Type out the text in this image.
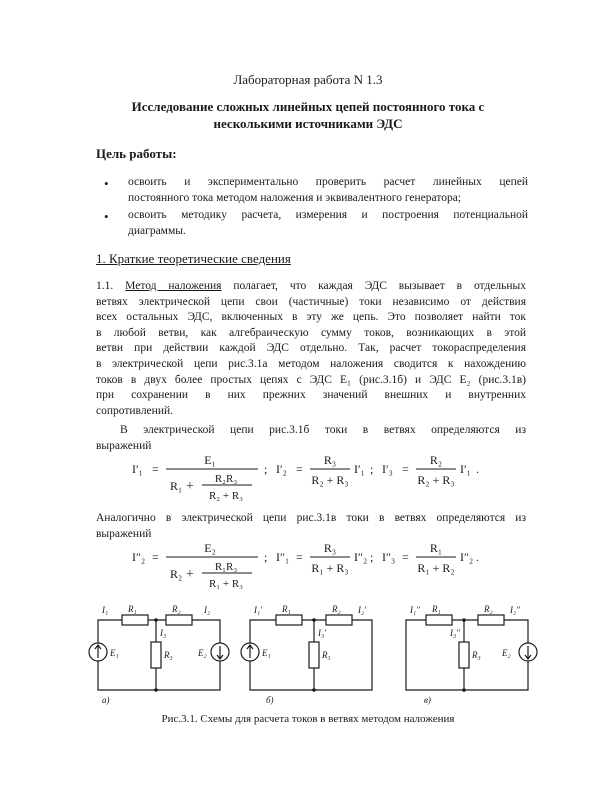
Лабораторная работа N 1.3
Исследование сложных линейных цепей постоянного тока с
несколькими источниками ЭДС
Цель работы:
• освоить и экспериментально проверить расчет линейных цепей
постоянного тока методом наложения и эквивалентного генератора;
• освоить методику расчета, измерения и построения потенциальной
диаграммы.
1. Краткие теоретические сведения
1.1. Метод наложения полагает, что каждая ЭДС вызывает в отдельных
ветвях электрической цепи свои (частичные) токи независимо от действия
всех остальных ЭДС, включенных в эту же цепь. Это позволяет найти ток
в любой ветви, как алгебраическую сумму токов, возникающих в этой
ветви при действии каждой ЭДС отдельно. Так, расчет токораспределения
в электрической цепи рис.3.1а методом наложения сводится к нахождению
токов в двух более простых цепях с ЭДС E₁ (рис.3.1б) и ЭДС E₂ (рис.3.1в)
при сохранении в них прежних значений внешних и внутренних
сопротивлений.
В электрической цепи рис.3.1б токи в ветвях определяются из
выражений
I′₁ =
E₁
R₁ + R₂R₃
R₂ + R₃
; I′₂ =
R₃
R₂ + R₃
I′₁ ; I′₃ =
R₂
R₂ + R₃
I′₁ .
Аналогично в электрической цепи рис.3.1в токи в ветвях определяются из
выражений
I″₂ =
E₂
R₂ + R₁R₃
R₁ + R₃
; I″₁ =
R₃
R₁ + R₃
I″₂ ; I″₃ =
R₁
R₁ + R₂
I″₂ .
I₁ R₁	R₂	I₂
I₃
R₃
E₁	E₂
а)
I₁′ R₁	R₂ I₂′
I₃′
R₃
E₁
б)
I₁″ R₁	R₂ I₂″
I₃″
R₃ E₂
в)
Рис.3.1. Схемы для расчета токов в ветвях методом наложения
